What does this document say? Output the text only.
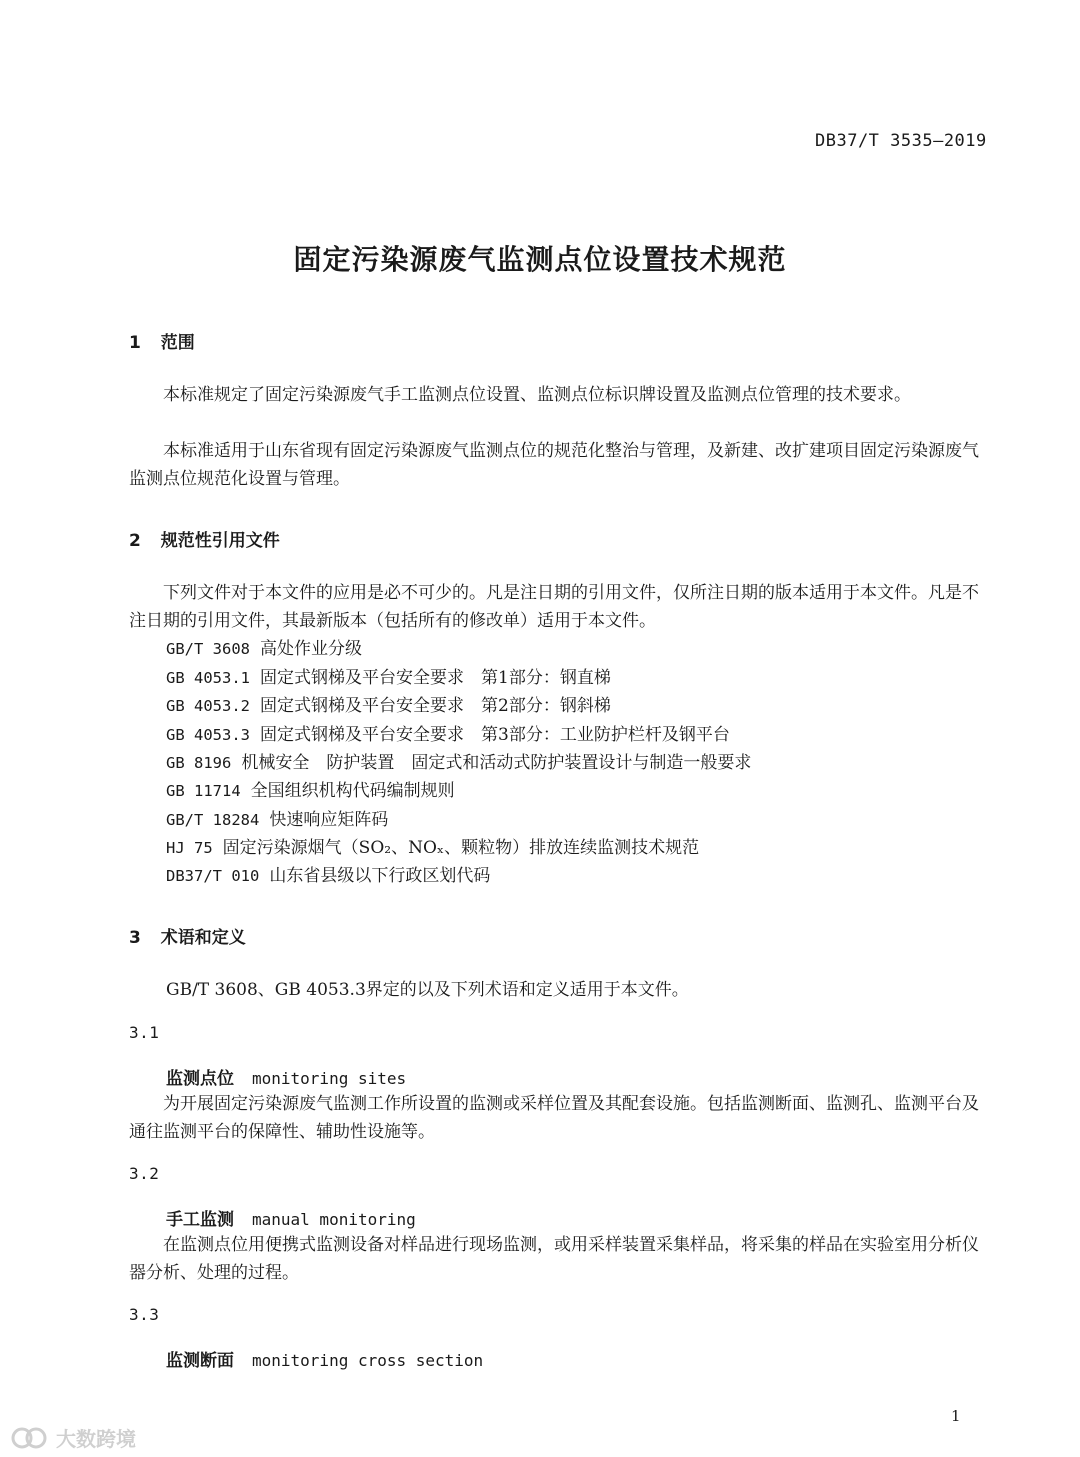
DB37/T 3535—2019
固定污染源废气监测点位设置技术规范
1 范围
本标准规定了固定污染源废气手工监测点位设置、监测点位标识牌设置及监测点位管理的技术要求。
本标准适用于山东省现有固定污染源废气监测点位的规范化整治与管理，及新建、改扩建项目固定污染源废气监测点位规范化设置与管理。
2 规范性引用文件
下列文件对于本文件的应用是必不可少的。凡是注日期的引用文件，仅所注日期的版本适用于本文件。凡是不注日期的引用文件，其最新版本（包括所有的修改单）适用于本文件。
GB/T 3608 高处作业分级
GB 4053.1 固定式钢梯及平台安全要求　第1部分：钢直梯
GB 4053.2 固定式钢梯及平台安全要求　第2部分：钢斜梯
GB 4053.3 固定式钢梯及平台安全要求　第3部分：工业防护栏杆及钢平台
GB 8196 机械安全　防护装置　固定式和活动式防护装置设计与制造一般要求
GB 11714 全国组织机构代码编制规则
GB/T 18284 快速响应矩阵码
HJ 75 固定污染源烟气（SO₂、NOₓ、颗粒物）排放连续监测技术规范
DB37/T 010 山东省县级以下行政区划代码
3 术语和定义
GB/T 3608、GB 4053.3界定的以及下列术语和定义适用于本文件。
3.1
监测点位 monitoring sites
为开展固定污染源废气监测工作所设置的监测或采样位置及其配套设施。包括监测断面、监测孔、监测平台及通往监测平台的保障性、辅助性设施等。
3.2
手工监测 manual monitoring
在监测点位用便携式监测设备对样品进行现场监测，或用采样装置采集样品，将采集的样品在实验室用分析仪器分析、处理的过程。
3.3
监测断面 monitoring cross section
1
大数跨境
